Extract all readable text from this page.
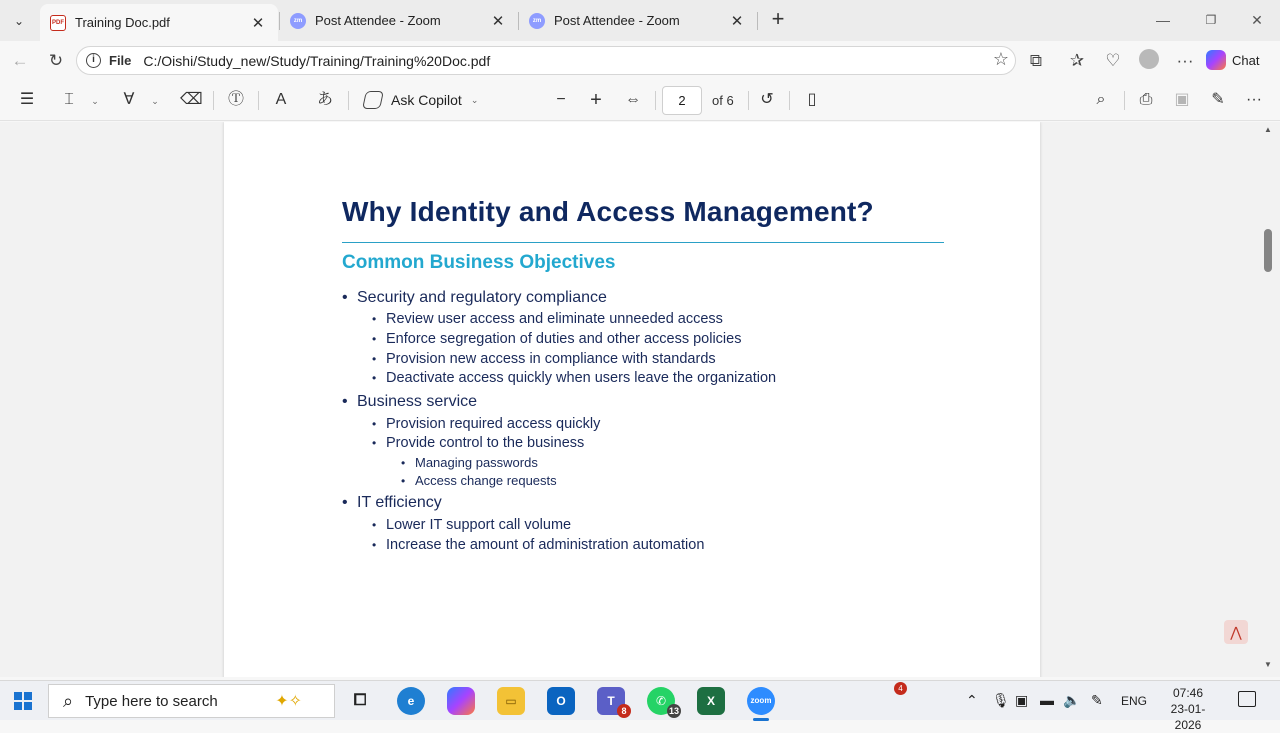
⌄	PDF Training Doc.pdf	✕	zm Post Attendee - Zoom	✕	zm Post Attendee - Zoom	✕ +	—	❐	✕
← ↻	i	File C:/Oishi/Study_new/Study/Training/Training%20Doc.pdf	☆	⧉	✰ ♡	···	Chat
☰	⌶	⌄	∀	⌄ ⌫ Ⓣ	A	あ	Ask Copilot ⌄	−	+	⇔	↺	▯	⌕	⎙ ▣ ✎ ···
2	of 6
Why Identity and Access Management?
Common Business Objectives
• Security and regulatory compliance
• Review user access and eliminate unneeded access
• Enforce segregation of duties and other access policies
• Provision new access in compliance with standards
• Deactivate access quickly when users leave the organization
• Business service
• Provision required access quickly
• Provide control to the business
• Managing passwords
• Access change requests
• IT efficiency
• Lower IT support call volume
• Increase the amount of administration automation
▲
▼
⋀
⌕ Type here to search	✦✧	⧠	e	▭	O	T
8
✆
13
X	zoom	⌃ 🎙 ▣ ▬ 🔈 ✎ ENG
07:46
23-01-2026
4
